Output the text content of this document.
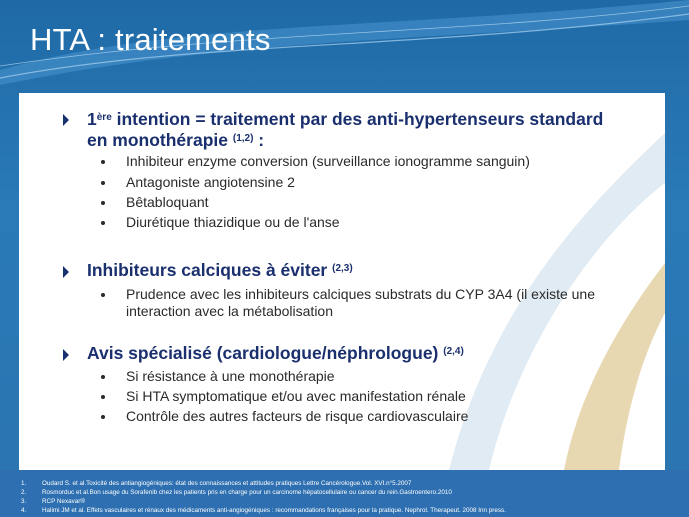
HTA : traitements
1ère intention = traitement par des anti-hypertenseurs standard
en monothérapie $^{(1,2)}$ :
Inhibiteur enzyme conversion (surveillance ionogramme sanguin)
Antagoniste angiotensine 2
Bêtabloquant
Diurétique thiazidique ou de l'anse
Inhibiteurs calciques à éviter $^{(2,3)}$
Prudence avec les inhibiteurs calciques substrats du CYP 3A4 (il existe une
interaction avec la métabolisation
Avis spécialisé (cardiologue/néphrologue) $^{(2,4)}$
Si résistance à une monothérapie
Si HTA symptomatique et/ou avec manifestation rénale
Contrôle des autres facteurs de risque cardiovasculaire
1. Oudard S. et al.Toxicité des antiangiogéniques: état des connaissances et attitudes pratiques Lettre Cancérologue.Vol. XVI.n°5.2007
2. Rosmorduc et al.Bon usage du Sorafenib chez les patients pris en charge pour un carcinome hépatocellulaire ou cancer du rein.Gastroentero.2010
3. RCP Nexavar®
4. Halimi JM et al. Effets vasculaires et rénaux des médicaments anti-angiogéniques : recommandations françaises pour la pratique. Nephrol. Therapeut. 2008 Inn press.
